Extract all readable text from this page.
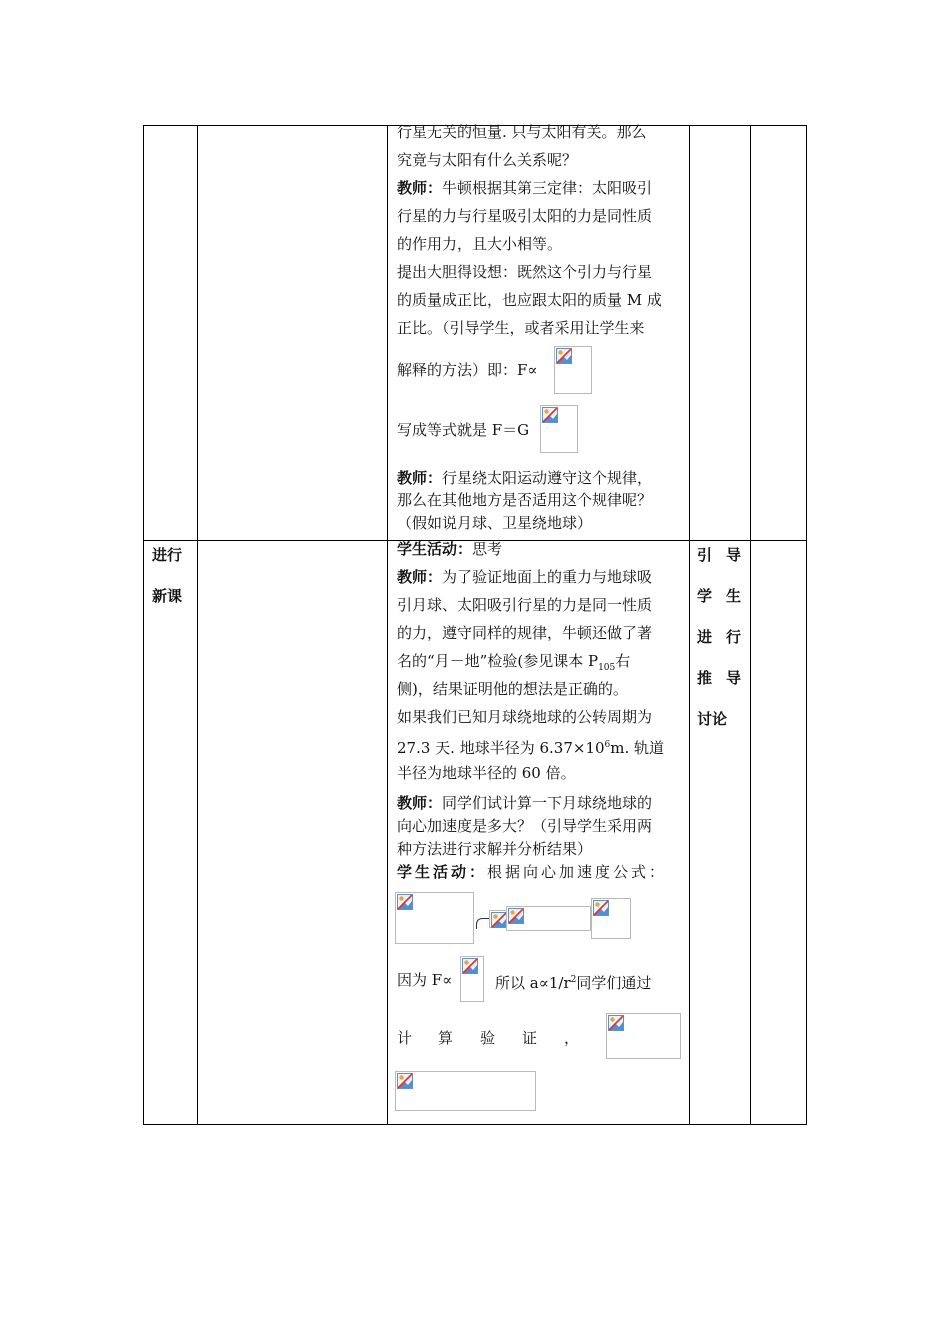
行星无关的恒量. 只与太阳有关。那么
究竟与太阳有什么关系呢？
教师：牛顿根据其第三定律：太阳吸引
行星的力与行星吸引太阳的力是同性质
的作用力，且大小相等。
提出大胆得设想：既然这个引力与行星
的质量成正比，也应跟太阳的质量 M 成
正比。（引导学生，或者采用让学生来
解释的方法）即：F∝
写成等式就是 F＝G
教师：行星绕太阳运动遵守这个规律，
那么在其他地方是否适用这个规律呢？
（假如说月球、卫星绕地球）
进行
新课
引导
学生
进行
推导
讨论
学生活动：思考
教师：为了验证地面上的重力与地球吸
引月球、太阳吸引行星的力是同一性质
的力，遵守同样的规律，牛顿还做了著
名的“月－地”检验(参见课本 $P_{105}$右
侧)，结果证明他的想法是正确的。
如果我们已知月球绕地球的公转周期为
27.3 天. 地球半径为 $6.37\times 10^6m$. 轨道
半径为地球半径的 60 倍。
教师：同学们试计算一下月球绕地球的
向心加速度是多大？（引导学生采用两
种方法进行求解并分析结果）
学生活动：根据向心加速度公式：
因为 F∝	所以 $a\propto 1/r^2$同学们通过
计 算 验 证 ，
